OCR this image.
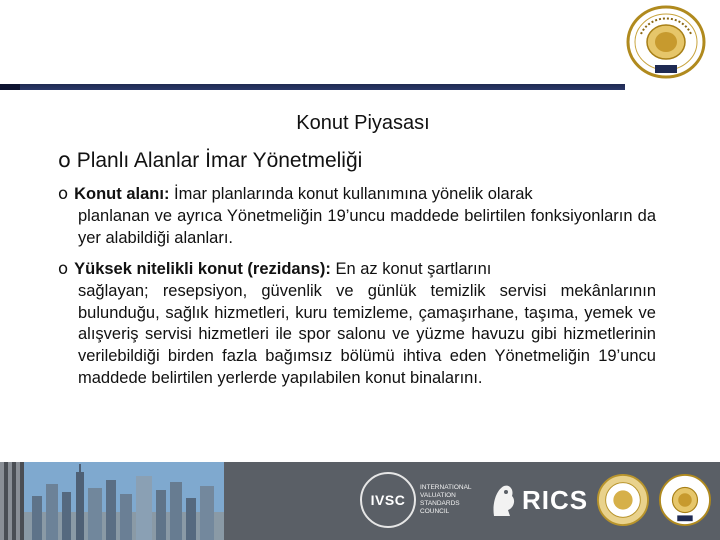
Konut Piyasası
o Planlı Alanlar İmar Yönetmeliği
o Konut alanı: İmar planlarında konut kullanımına yönelik olarak
planlanan ve ayrıca Yönetmeliğin 19’uncu maddede belirtilen fonksiyonların da yer alabildiği alanları.
o Yüksek nitelikli konut (rezidans): En az konut şartlarını
sağlayan; resepsiyon, güvenlik ve günlük temizlik servisi mekânlarının bulunduğu, sağlık hizmetleri, kuru temizleme, çamaşırhane, taşıma, yemek ve alışveriş servisi hizmetleri ile spor salonu ve yüzme havuzu gibi hizmetlerinin verilebildiği birden fazla bağımsız bölümü ihtiva eden Yönetmeliğin 19’uncu maddede belirtilen yerlerde yapılabilen konut binalarını.
IVSC
INTERNATIONAL VALUATION STANDARDS COUNCIL	RICS
